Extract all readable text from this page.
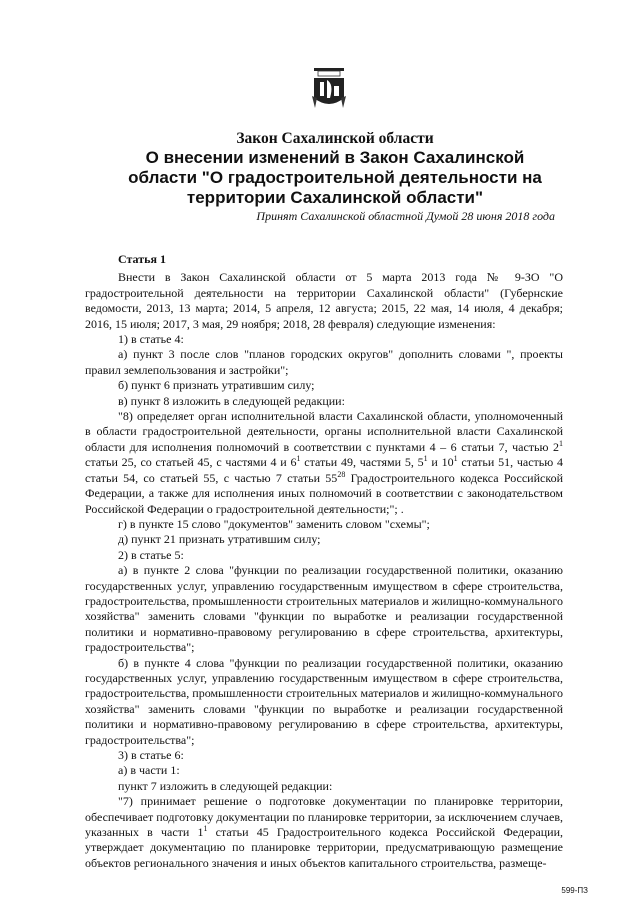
Закон Сахалинской области
О внесении изменений в Закон Сахалинской
области "О градостроительной деятельности на
территории Сахалинской области"
Принят Сахалинской областной Думой 28 июня 2018 года

Статья 1

Внести в Закон Сахалинской области от 5 марта 2013 года № 9-ЗО "О градостроительной деятельности на территории Сахалинской области" (Губернские ведомости, 2013, 13 марта; 2014, 5 апреля, 12 августа; 2015, 22 мая, 14 июля, 4 декабря; 2016, 15 июля; 2017, 3 мая, 29 ноября; 2018, 28 февраля) следующие изменения:

1) в статье 4:

а) пункт 3 после слов "планов городских округов" дополнить словами ", проекты правил землепользования и застройки";

б) пункт 6 признать утратившим силу;

в) пункт 8 изложить в следующей редакции:

"8) определяет орган исполнительной власти Сахалинской области, уполномоченный в области градостроительной деятельности, органы исполнительной власти Сахалинской области для исполнения полномочий в соответствии с пунктами 4 – 6 статьи 7, частью $2^1$ статьи 25, со статьей 45, с частями 4 и $6^1$ статьи 49, частями 5, $5^1$ и $10^1$ статьи 51, частью 4 статьи 54, со статьей 55, с частью 7 статьи $55^{28}$ Градостроительного кодекса Российской Федерации, а также для исполнения иных полномочий в соответствии с законодательством Российской Федерации о градостроительной деятельности;"; .

г) в пункте 15 слово "документов" заменить словом "схемы";

д) пункт 21 признать утратившим силу;

2) в статье 5:

а) в пункте 2 слова "функции по реализации государственной политики, оказанию государственных услуг, управлению государственным имуществом в сфере строительства, градостроительства, промышленности строительных материалов и жилищно-коммунального хозяйства" заменить словами "функции по выработке и реализации государственной политики и нормативно-правовому регулированию в сфере строительства, архитектуры, градостроительства";

б) в пункте 4 слова "функции по реализации государственной политики, оказанию государственных услуг, управлению государственным имуществом в сфере строительства, градостроительства, промышленности строительных материалов и жилищно-коммунального хозяйства" заменить словами "функции по выработке и реализации государственной политики и нормативно-правовому регулированию в сфере строительства, архитектуры, градостроительства";

3) в статье 6:

а) в части 1:

пункт 7 изложить в следующей редакции:

"7) принимает решение о подготовке документации по планировке территории, обеспечивает подготовку документации по планировке территории, за исключением случаев, указанных в части $1^1$ статьи 45 Градостроительного кодекса Российской Федерации, утверждает документацию по планировке территории, предусматривающую размещение объектов регионального значения и иных объектов капитального строительства, размеще-

599-ПЗ
